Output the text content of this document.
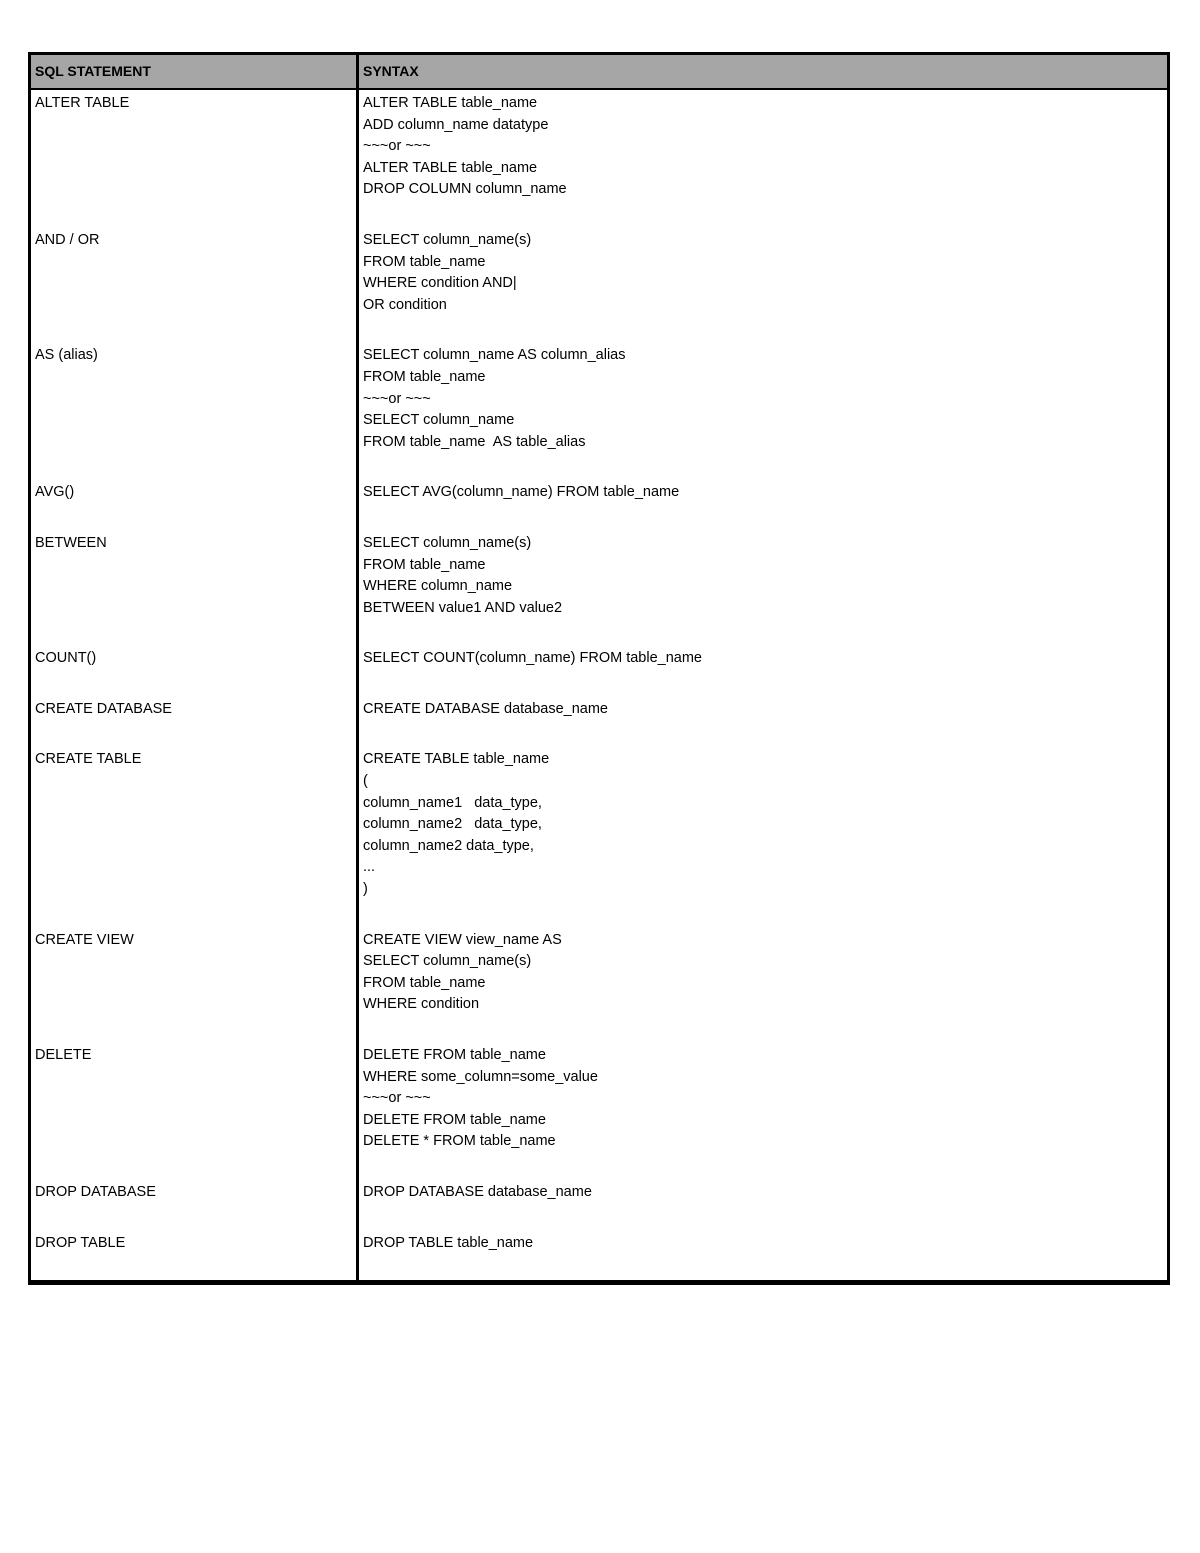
SQL STATEMENT	SYNTAX
ALTER TABLE	ALTER TABLE table_name
ADD column_name datatype
~~~or ~~~
ALTER TABLE table_name
DROP COLUMN column_name
AND / OR	SELECT column_name(s)
FROM table_name
WHERE condition AND|
OR condition
AS (alias)	SELECT column_name AS column_alias
FROM table_name
~~~or ~~~
SELECT column_name
FROM table_name  AS table_alias
AVG()	SELECT AVG(column_name) FROM table_name
BETWEEN	SELECT column_name(s)
FROM table_name
WHERE column_name
BETWEEN value1 AND value2
COUNT()	SELECT COUNT(column_name) FROM table_name
CREATE DATABASE	CREATE DATABASE database_name
CREATE TABLE	CREATE TABLE table_name
(
column_name1   data_type,
column_name2   data_type,
column_name2 data_type,
...
)
CREATE VIEW	CREATE VIEW view_name AS
SELECT column_name(s)
FROM table_name
WHERE condition
DELETE	DELETE FROM table_name
WHERE some_column=some_value
~~~or ~~~
DELETE FROM table_name
DELETE * FROM table_name
DROP DATABASE	DROP DATABASE database_name
DROP TABLE	DROP TABLE table_name
